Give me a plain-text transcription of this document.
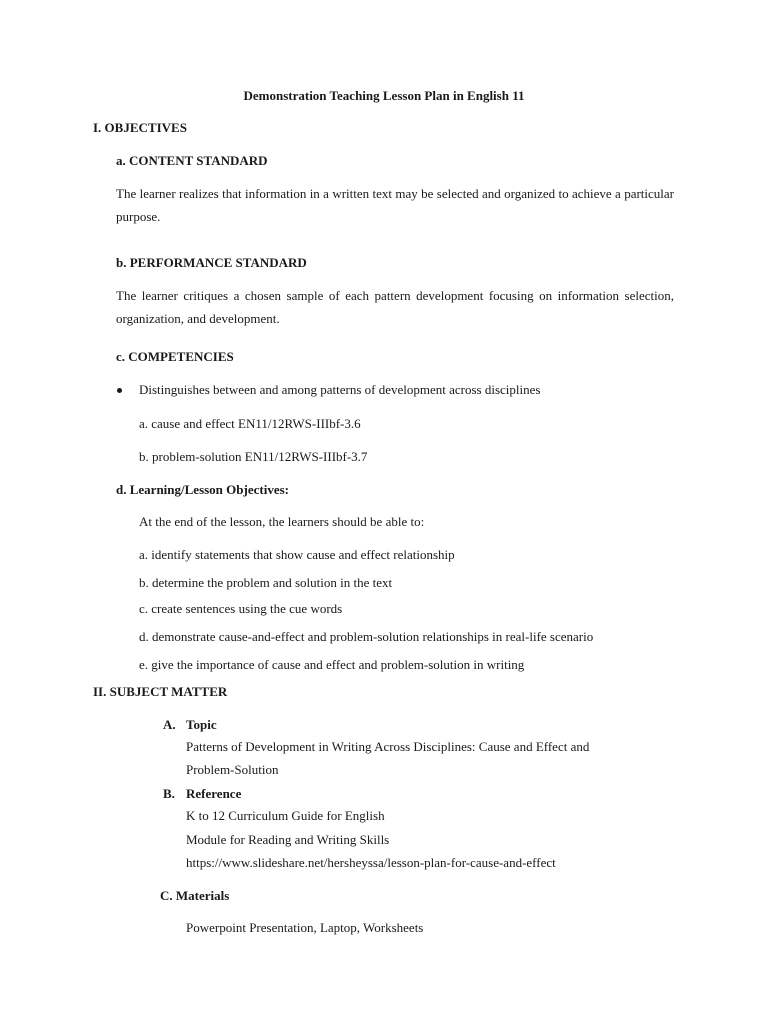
Demonstration Teaching Lesson Plan in English 11
I. OBJECTIVES
a. CONTENT STANDARD
The learner realizes that information in a written text may be selected and organized to achieve a particular purpose.
b. PERFORMANCE STANDARD
The learner critiques a chosen sample of each pattern development focusing on information selection, organization, and development.
c. COMPETENCIES
Distinguishes between and among patterns of development across disciplines
a. cause and effect EN11/12RWS-IIIbf-3.6
b. problem-solution EN11/12RWS-IIIbf-3.7
d. Learning/Lesson Objectives:
At the end of the lesson, the learners should be able to:
a. identify statements that show cause and effect relationship
b. determine the problem and solution in the text
c. create sentences using the cue words
d. demonstrate cause-and-effect and problem-solution relationships in real-life scenario
e. give the importance of cause and effect and problem-solution in writing
II. SUBJECT MATTER
A. Topic
Patterns of Development in Writing Across Disciplines: Cause and Effect and
Problem-Solution
B. Reference
K to 12 Curriculum Guide for English
Module for Reading and Writing Skills
https://www.slideshare.net/hersheyssa/lesson-plan-for-cause-and-effect
C. Materials
Powerpoint Presentation, Laptop, Worksheets
